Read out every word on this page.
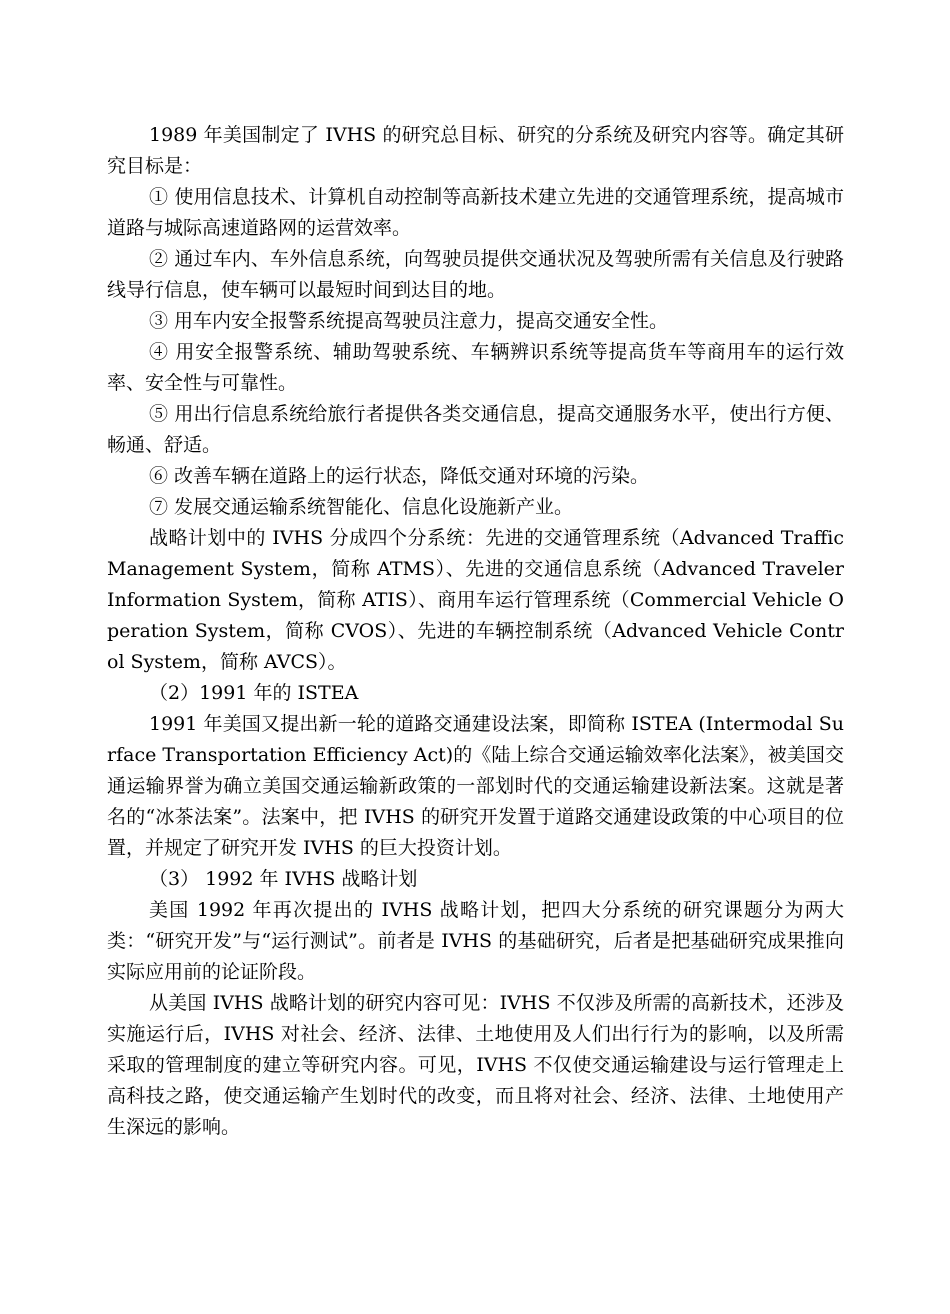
1989 年美国制定了 IVHS 的研究总目标、研究的分系统及研究内容等。确定其研究目标是：

① 使用信息技术、计算机自动控制等高新技术建立先进的交通管理系统，提高城市道路与城际高速道路网的运营效率。

② 通过车内、车外信息系统，向驾驶员提供交通状况及驾驶所需有关信息及行驶路线导行信息，使车辆可以最短时间到达目的地。

③ 用车内安全报警系统提高驾驶员注意力，提高交通安全性。

④ 用安全报警系统、辅助驾驶系统、车辆辨识系统等提高货车等商用车的运行效率、安全性与可靠性。

⑤ 用出行信息系统给旅行者提供各类交通信息，提高交通服务水平，使出行方便、畅通、舒适。

⑥ 改善车辆在道路上的运行状态，降低交通对环境的污染。

⑦ 发展交通运输系统智能化、信息化设施新产业。

战略计划中的 IVHS 分成四个分系统：先进的交通管理系统（Advanced Traffic Management System，简称 ATMS）、先进的交通信息系统（Advanced Traveler Information System，简称 ATIS）、商用车运行管理系统（Commercial Vehicle Operation System，简称 CVOS）、先进的车辆控制系统（Advanced Vehicle Control System，简称 AVCS）。

（2）1991 年的 ISTEA

1991 年美国又提出新一轮的道路交通建设法案，即简称 ISTEA (Intermodal Surface Transportation Efficiency Act)的《陆上综合交通运输效率化法案》，被美国交通运输界誉为确立美国交通运输新政策的一部划时代的交通运输建设新法案。这就是著名的“冰茶法案”。法案中，把 IVHS 的研究开发置于道路交通建设政策的中心项目的位置，并规定了研究开发 IVHS 的巨大投资计划。

（3） 1992 年 IVHS 战略计划

美国 1992 年再次提出的 IVHS 战略计划，把四大分系统的研究课题分为两大类：“研究开发”与“运行测试”。前者是 IVHS 的基础研究，后者是把基础研究成果推向实际应用前的论证阶段。

从美国 IVHS 战略计划的研究内容可见：IVHS 不仅涉及所需的高新技术，还涉及实施运行后，IVHS 对社会、经济、法律、土地使用及人们出行行为的影响，以及所需采取的管理制度的建立等研究内容。可见，IVHS 不仅使交通运输建设与运行管理走上高科技之路，使交通运输产生划时代的改变，而且将对社会、经济、法律、土地使用产生深远的影响。
